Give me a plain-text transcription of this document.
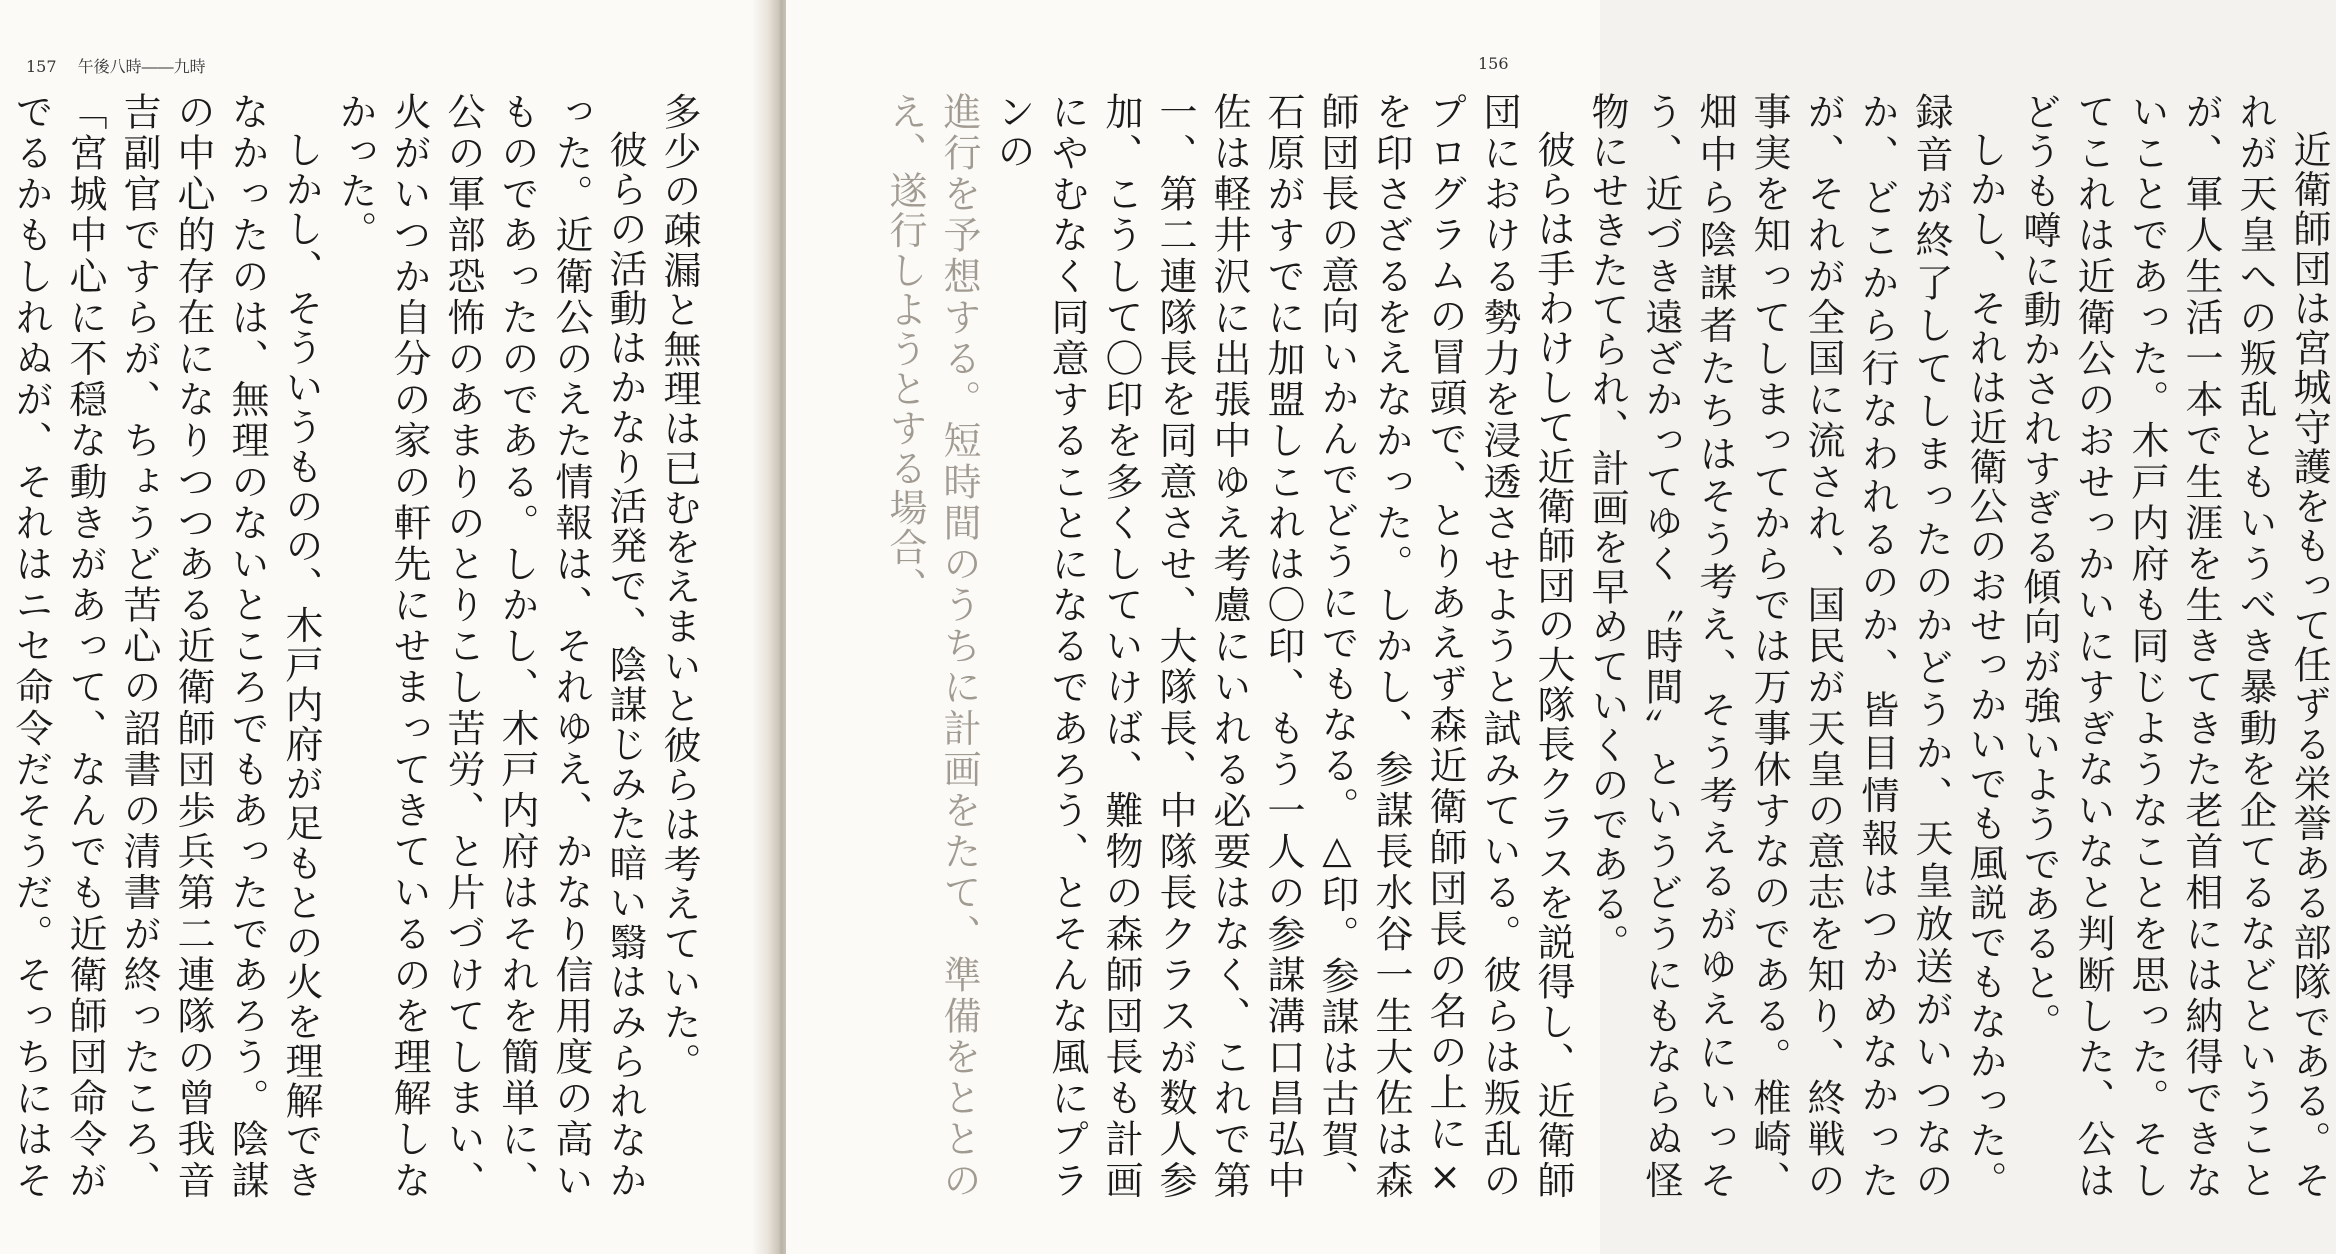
157 午後八時――九時

多少の疎漏と無理は已むをえまいと彼らは考えていた。

彼らの活動はかなり活発で、陰謀じみた暗い翳はみられなかった。近衛公のえた情報は、それゆえ、かなり信用度の高いものであったのである。しかし、木戸内府はそれを簡単に、公の軍部恐怖のあまりのとりこし苦労、と片づけてしまい、火がいつか自分の家の軒先にせまってきているのを理解しなかった。

しかし、そういうものの、木戸内府が足もとの火を理解できなかったのは、無理のないところでもあったであろう。陰謀の中心的存在になりつつある近衛師団歩兵第二連隊の曾我音吉副官ですらが、ちょうど苦心の詔書の清書が終ったころ、「宮城中心に不穏な動きがあって、なんでも近衛師団命令がでるかもしれぬが、それはニセ命令だそうだ。そっちにはそ	近衛師団は宮城守護をもって任ずる栄誉ある部隊である。それが天皇への叛乱ともいうべき暴動を企てるなどということが、軍人生活一本で生涯を生きてきた老首相には納得できないことであった。木戸内府も同じようなことを思った。そしてこれは近衛公のおせっかいにすぎないなと判断した、公はどうも噂に動かされすぎる傾向が強いようであると。

しかし、それは近衛公のおせっかいでも風説でもなかった。録音が終了してしまったのかどうか、天皇放送がいつなのか、どこから行なわれるのか、皆目情報はつかめなかったが、それが全国に流され、国民が天皇の意志を知り、終戦の事実を知ってしまってからでは万事休すなのである。椎崎、畑中ら陰謀者たちはそう考え、そう考えるがゆえにいっそう、近づき遠ざかってゆく〝時間〟というどうにもならぬ怪物にせきたてられ、計画を早めていくのである。

彼らは手わけして近衛師団の大隊長クラスを説得し、近衛師団における勢力を浸透させようと試みている。彼らは叛乱のプログラムの冒頭で、とりあえず森近衛師団長の名の上に×を印さざるをえなかった。しかし、参謀長水谷一生大佐は森師団長の意向いかんでどうにでもなる。△印。参謀は古賀、石原がすでに加盟しこれは〇印、もう一人の参謀溝口昌弘中佐は軽井沢に出張中ゆえ考慮にいれる必要はなく、これで第一、第二連隊長を同意させ、大隊長、中隊長クラスが数人参加、こうして〇印を多くしていけば、難物の森師団長も計画にやむなく同意することになるであろう、とそんな風にプランの

進行を予想する。短時間のうちに計画をたて、準備をととのえ、遂行しようとする場合、

156
